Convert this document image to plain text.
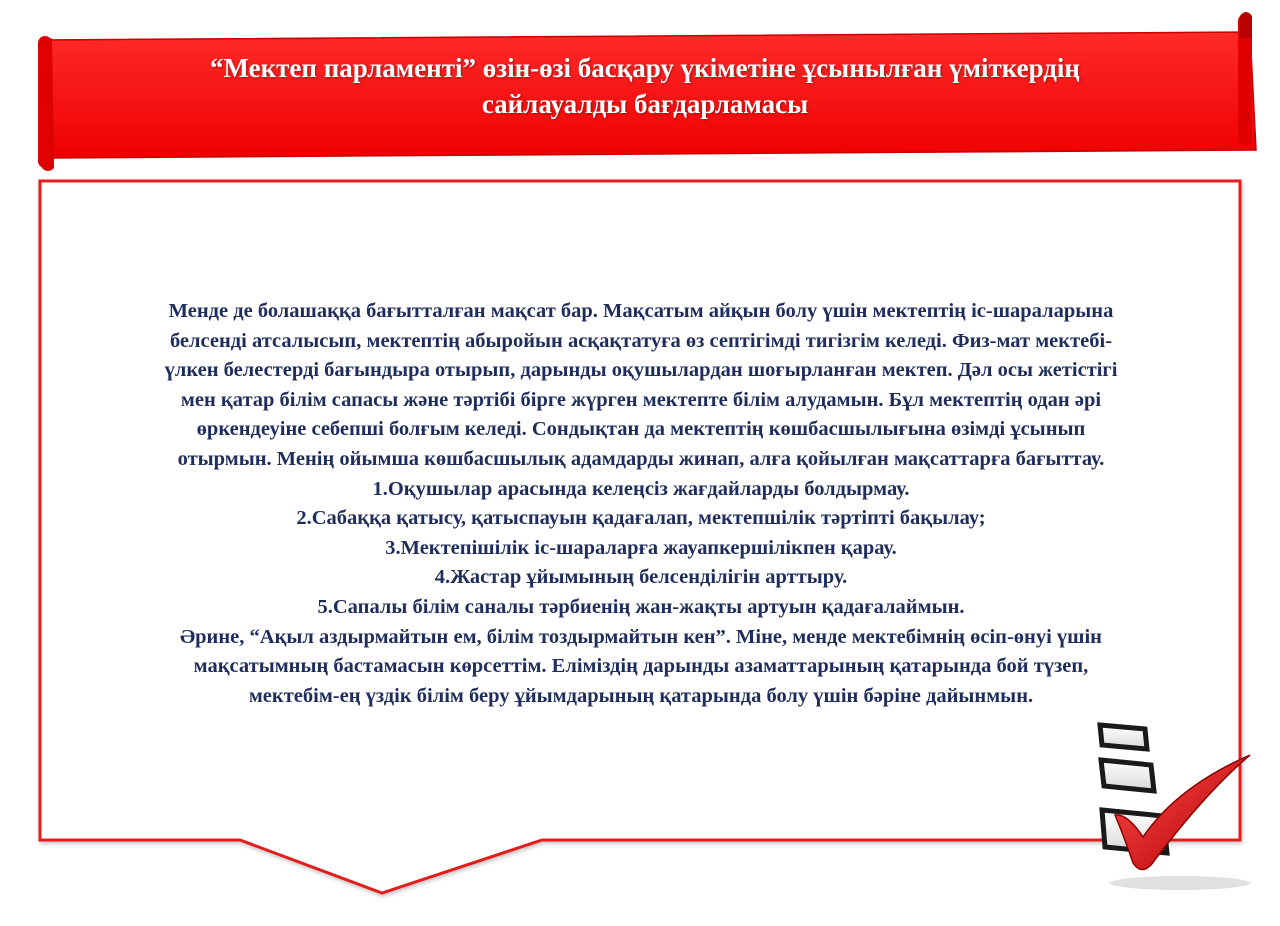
“Мектеп парламенті” өзін-өзі басқару үкіметіне ұсынылған үміткердің
сайлауалды бағдарламасы
Менде де болашаққа бағытталған мақсат бар. Мақсатым айқын болу үшін мектептің іс-шараларына
белсенді атсалысып, мектептің абыройын асқақтатуға өз септігімді тигізгім келеді. Физ-мат мектебі-
үлкен белестерді бағындыра отырып, дарынды оқушылардан шоғырланған мектеп. Дәл осы жетістігі
мен қатар білім сапасы және тәртібі бірге жүрген мектепте білім алудамын. Бұл мектептің одан әрі
өркендеуіне себепші болғым келеді. Сондықтан да мектептің көшбасшылығына өзімді ұсынып
отырмын. Менің ойымша көшбасшылық адамдарды жинап, алға қойылған мақсаттарға бағыттау.
1.Оқушылар арасында келеңсіз жағдайларды болдырмау.
2.Сабаққа қатысу, қатыспауын қадағалап, мектепшілік тәртіпті бақылау;
3.Мектепішілік іс-шараларға жауапкершілікпен қарау.
4.Жастар ұйымының белсенділігін арттыру.
5.Сапалы білім саналы тәрбиенің жан-жақты артуын қадағалаймын.
Әрине, “Ақыл аздырмайтын ем, білім тоздырмайтын кен”. Міне, менде мектебімнің өсіп-өнуі үшін
мақсатымның бастамасын көрсеттім. Еліміздің дарынды азаматтарының қатарында бой түзеп,
мектебім-ең үздік білім беру ұйымдарының қатарында болу үшін бәріне дайынмын.
